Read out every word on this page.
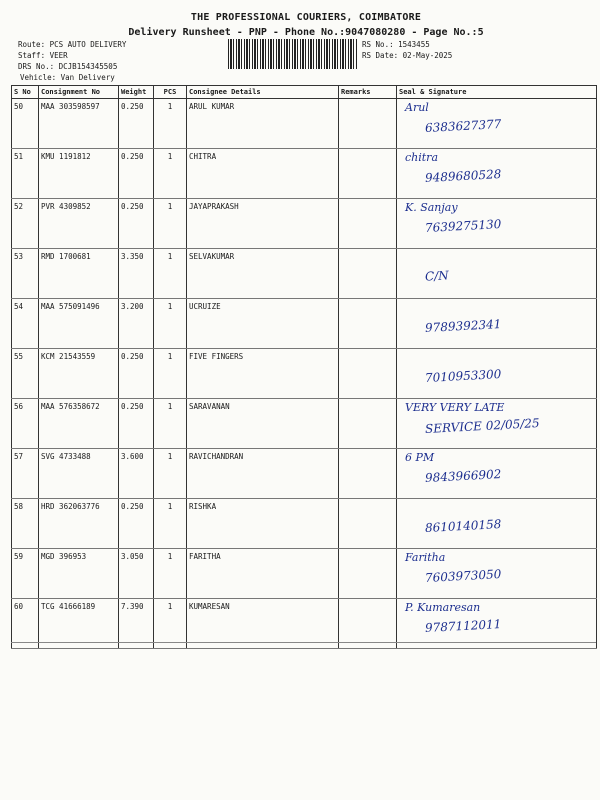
THE PROFESSIONAL COURIERS, COIMBATORE
Delivery Runsheet - PNP - Phone No.:9047080280 - Page No.:5
Route: PCS AUTO DELIVERY
Staff: VEER
DRS No.: DCJB154345505
Vehicle: Van Delivery
RS No.: 1543455
RS Date: 02-May-2025
S No	Consignment No	Weight	PCS	Consignee Details	Remarks	Seal & Signature
50	MAA 303598597	0.250	1	ARUL KUMAR		Arul
6383627377

51	KMU 1191812	0.250	1	CHITRA		chitra
9489680528

52	PVR 4309852	0.250	1	JAYAPRAKASH		K. Sanjay
7639275130

53	RMD 1700681	3.350	1	SELVAKUMAR		C/N

54	MAA 575091496	3.200	1	UCRUIZE		9789392341

55	KCM 21543559	0.250	1	FIVE FINGERS		7010953300

56	MAA 576358672	0.250	1	SARAVANAN		VERY VERY LATE
SERVICE 02/05/25

57	SVG 4733488	3.600	1	RAVICHANDRAN		6 PM
9843966902

58	HRD 362063776	0.250	1	RISHKA		8610140158

59	MGD 396953	3.050	1	FARITHA		Faritha
7603973050

60	TCG 41666189	7.390	1	KUMARESAN		P. Kumaresan
9787112011
